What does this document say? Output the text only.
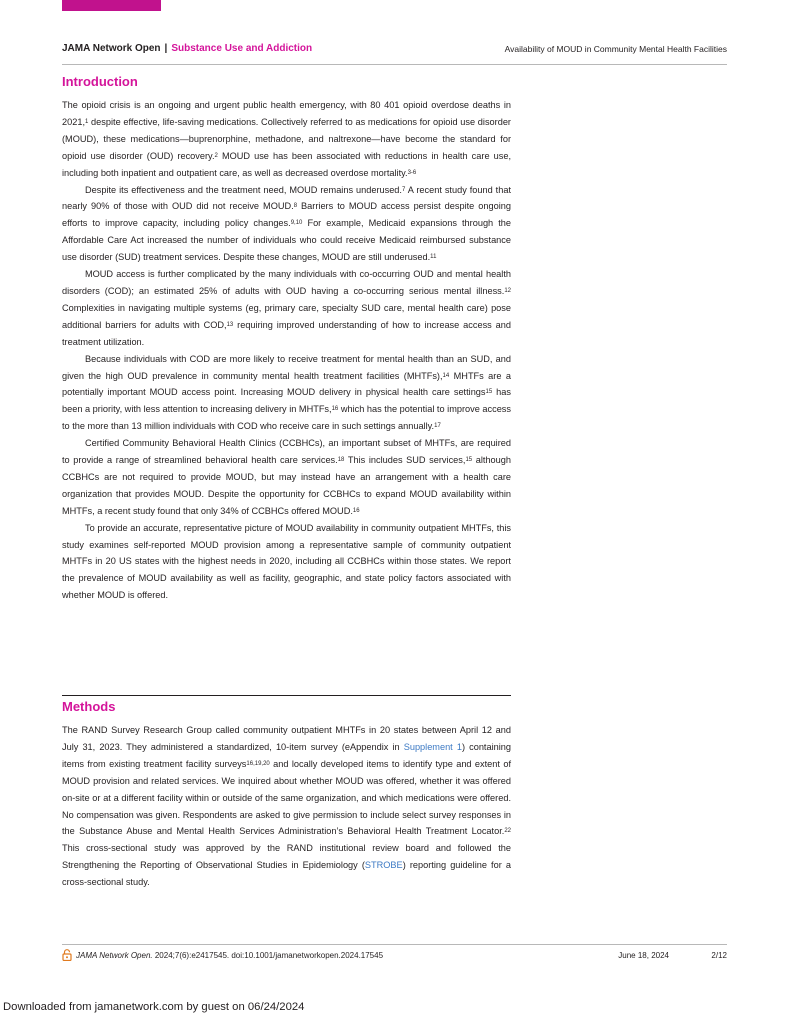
JAMA Network Open | Substance Use and Addiction	Availability of MOUD in Community Mental Health Facilities
Introduction

The opioid crisis is an ongoing and urgent public health emergency, with 80 401 opioid overdose deaths in 2021,$^1$ despite effective, life-saving medications. Collectively referred to as medications for opioid use disorder (MOUD), these medications—buprenorphine, methadone, and naltrexone—have become the standard for opioid use disorder (OUD) recovery.$^2$ MOUD use has been associated with reductions in health care use, including both inpatient and outpatient care, as well as decreased overdose mortality.$^{3-6}$

Despite its effectiveness and the treatment need, MOUD remains underused.$^7$ A recent study found that nearly 90% of those with OUD did not receive MOUD.$^8$ Barriers to MOUD access persist despite ongoing efforts to improve capacity, including policy changes.$^{9,10}$ For example, Medicaid expansions through the Affordable Care Act increased the number of individuals who could receive Medicaid reimbursed substance use disorder (SUD) treatment services. Despite these changes, MOUD are still underused.$^{11}$

MOUD access is further complicated by the many individuals with co-occurring OUD and mental health disorders (COD); an estimated 25% of adults with OUD having a co-occurring serious mental illness.$^{12}$ Complexities in navigating multiple systems (eg, primary care, specialty SUD care, mental health care) pose additional barriers for adults with COD,$^{13}$ requiring improved understanding of how to increase access and treatment utilization.

Because individuals with COD are more likely to receive treatment for mental health than an SUD, and given the high OUD prevalence in community mental health treatment facilities (MHTFs),$^{14}$ MHTFs are a potentially important MOUD access point. Increasing MOUD delivery in physical health care settings$^{15}$ has been a priority, with less attention to increasing delivery in MHTFs,$^{16}$ which has the potential to improve access to the more than 13 million individuals with COD who receive care in such settings annually.$^{17}$

Certified Community Behavioral Health Clinics (CCBHCs), an important subset of MHTFs, are required to provide a range of streamlined behavioral health care services.$^{18}$ This includes SUD services,$^{15}$ although CCBHCs are not required to provide MOUD, but may instead have an arrangement with a health care organization that provides MOUD. Despite the opportunity for CCBHCs to expand MOUD availability within MHTFs, a recent study found that only 34% of CCBHCs offered MOUD.$^{16}$

To provide an accurate, representative picture of MOUD availability in community outpatient MHTFs, this study examines self-reported MOUD provision among a representative sample of community outpatient MHTFs in 20 US states with the highest needs in 2020, including all CCBHCs within those states. We report the prevalence of MOUD availability as well as facility, geographic, and state policy factors associated with whether MOUD is offered.

Methods

The RAND Survey Research Group called community outpatient MHTFs in 20 states between April 12 and July 31, 2023. They administered a standardized, 10-item survey (eAppendix in Supplement 1) containing items from existing treatment facility surveys$^{16,19,20}$ and locally developed items to identify type and extent of MOUD provision and related services. We inquired about whether MOUD was offered, whether it was offered on-site or at a different facility within or outside of the same organization, and which medications were offered. No compensation was given. Respondents are asked to give permission to include select survey responses in the Substance Abuse and Mental Health Services Administration’s Behavioral Health Treatment Locator.$^{22}$ This cross-sectional study was approved by the RAND institutional review board and followed the Strengthening the Reporting of Observational Studies in Epidemiology (STROBE) reporting guideline for a cross-sectional study.

JAMA Network Open. 2024;7(6):e2417545. doi:10.1001/jamanetworkopen.2024.17545	June 18, 2024	2/12
Downloaded from jamanetwork.com by guest on 06/24/2024
